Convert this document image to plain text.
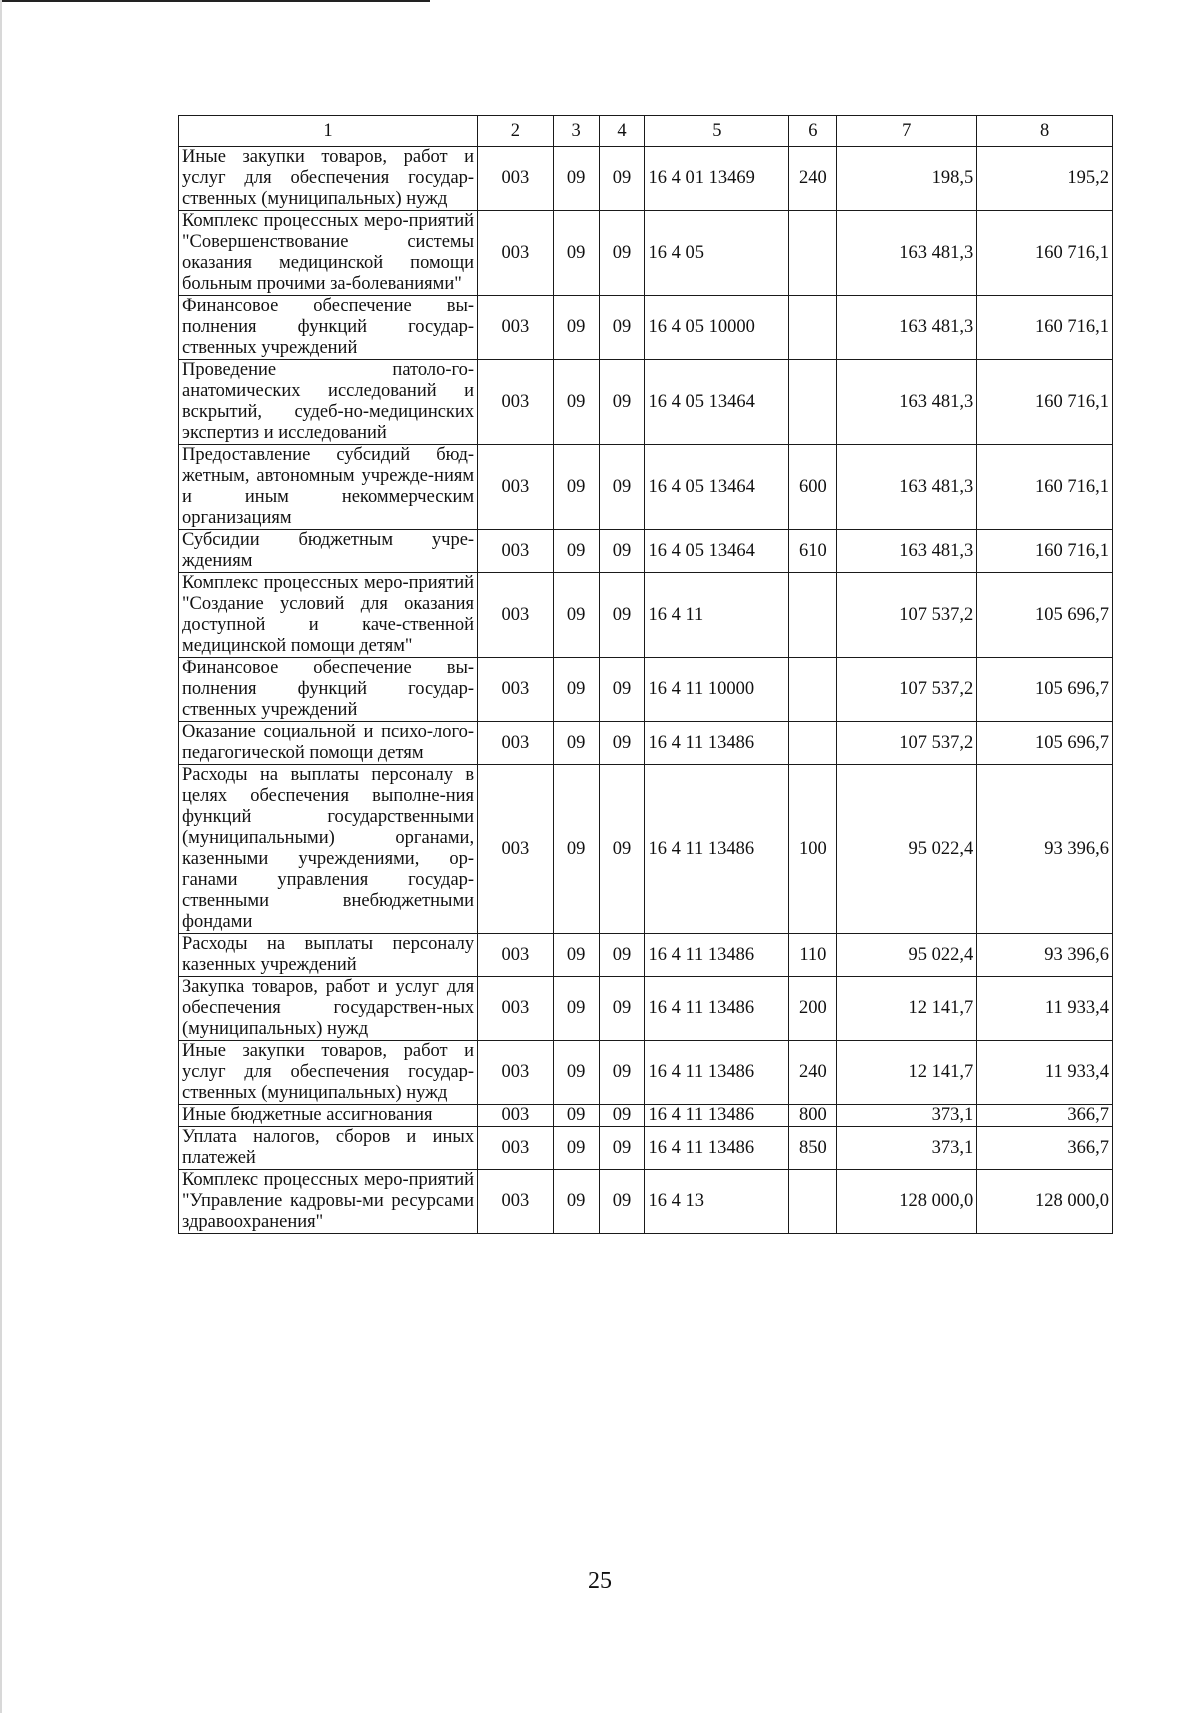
1	2	3	4	5	6	7	8
Иные закупки товаров, работ и услуг для обеспечения государ-ственных (муниципальных) нужд	003	09	09	16 4 01 13469	240	198,5	195,2
Комплекс процессных меро-приятий "Совершенствование системы оказания медицинской помощи больным прочими за-болеваниями"	003	09	09	16 4 05		163 481,3	160 716,1
Финансовое обеспечение вы-полнения функций государ-ственных учреждений	003	09	09	16 4 05 10000		163 481,3	160 716,1
Проведение патоло-го-анатомических исследований и вскрытий, судеб-но-медицинских экспертиз и исследований	003	09	09	16 4 05 13464		163 481,3	160 716,1
Предоставление субсидий бюд-жетным, автономным учрежде-ниям и иным некоммерческим организациям	003	09	09	16 4 05 13464	600	163 481,3	160 716,1
Субсидии бюджетным учре-ждениям	003	09	09	16 4 05 13464	610	163 481,3	160 716,1
Комплекс процессных меро-приятий "Создание условий для оказания доступной и каче-ственной медицинской помощи детям"	003	09	09	16 4 11		107 537,2	105 696,7
Финансовое обеспечение вы-полнения функций государ-ственных учреждений	003	09	09	16 4 11 10000		107 537,2	105 696,7
Оказание социальной и психо-лого-педагогической помощи детям	003	09	09	16 4 11 13486		107 537,2	105 696,7
Расходы на выплаты персоналу в целях обеспечения выполне-ния функций государственными (муниципальными) органами, казенными учреждениями, ор-ганами управления государ-ственными внебюджетными фондами	003	09	09	16 4 11 13486	100	95 022,4	93 396,6
Расходы на выплаты персоналу казенных учреждений	003	09	09	16 4 11 13486	110	95 022,4	93 396,6
Закупка товаров, работ и услуг для обеспечения государствен-ных (муниципальных) нужд	003	09	09	16 4 11 13486	200	12 141,7	11 933,4
Иные закупки товаров, работ и услуг для обеспечения государ-ственных (муниципальных) нужд	003	09	09	16 4 11 13486	240	12 141,7	11 933,4
Иные бюджетные ассигнования	003	09	09	16 4 11 13486	800	373,1	366,7
Уплата налогов, сборов и иных платежей	003	09	09	16 4 11 13486	850	373,1	366,7
Комплекс процессных меро-приятий "Управление кадровы-ми ресурсами здравоохранения"	003	09	09	16 4 13		128 000,0	128 000,0
25
